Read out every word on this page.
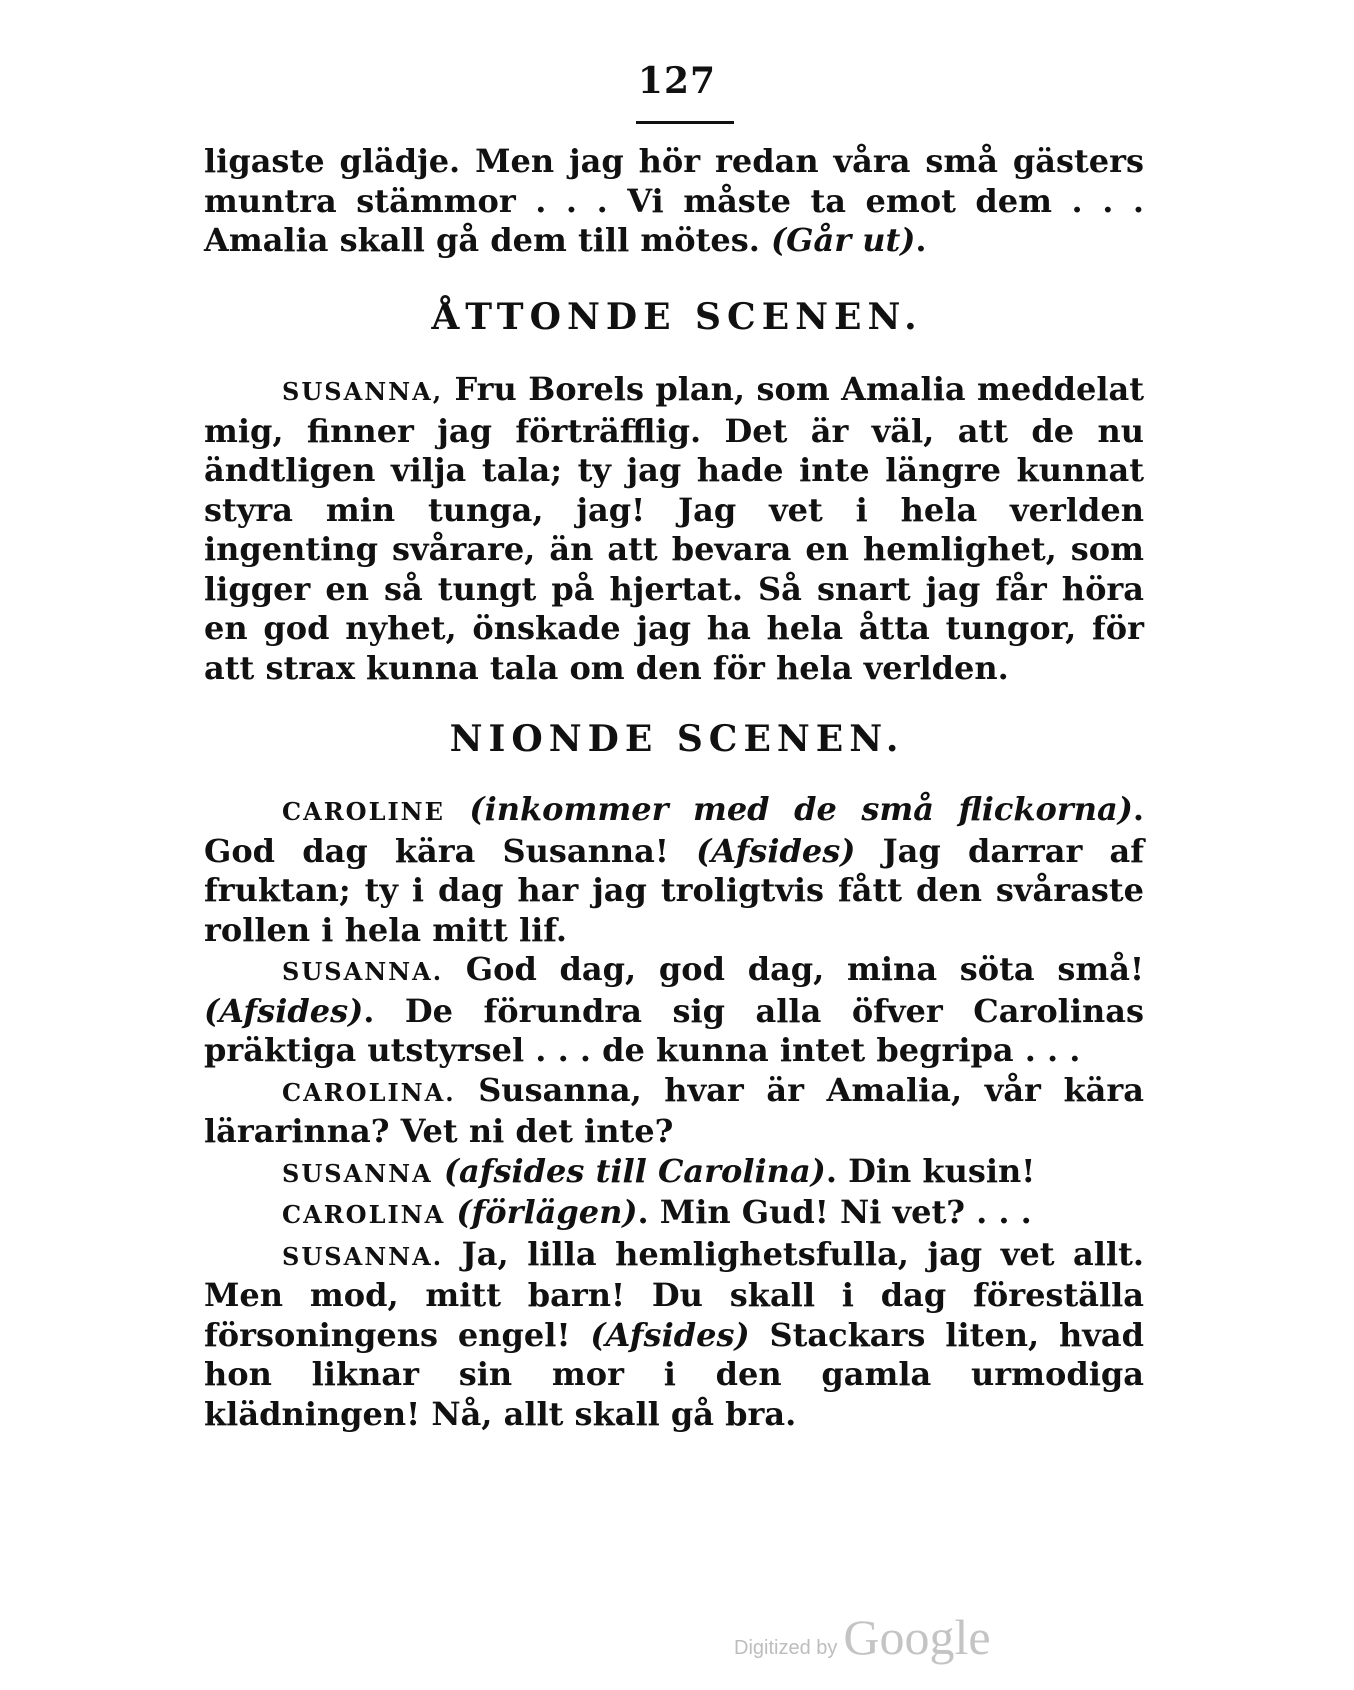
127

ligaste glädje. Men jag hör redan våra små gästers muntra stämmor . . . Vi måste ta emot dem . . . Amalia skall gå dem till mötes. (Går ut).

ÅTTONDE SCENEN.

SUSANNA, Fru Borels plan, som Amalia meddelat mig, finner jag förträfflig. Det är väl, att de nu ändtligen vilja tala; ty jag hade inte längre kunnat styra min tunga, jag! Jag vet i hela verlden ingenting svårare, än att bevara en hemlighet, som ligger en så tungt på hjertat. Så snart jag får höra en god nyhet, önskade jag ha hela åtta tungor, för att strax kunna tala om den för hela verlden.

NIONDE SCENEN.

CAROLINE (inkommer med de små flickorna). God dag kära Susanna! (Afsides) Jag darrar af fruktan; ty i dag har jag troligtvis fått den svåraste rollen i hela mitt lif.

SUSANNA. God dag, god dag, mina söta små! (Afsides). De förundra sig alla öfver Carolinas präktiga utstyrsel . . . de kunna intet begripa . . .

CAROLINA. Susanna, hvar är Amalia, vår kära lärarinna? Vet ni det inte?

SUSANNA (afsides till Carolina). Din kusin!

CAROLINA (förlägen). Min Gud! Ni vet? . . .

SUSANNA. Ja, lilla hemlighetsfulla, jag vet allt. Men mod, mitt barn! Du skall i dag föreställa försoningens engel! (Afsides) Stackars liten, hvad hon liknar sin mor i den gamla urmodiga klädningen! Nå, allt skall gå bra.

Digitized by Google
